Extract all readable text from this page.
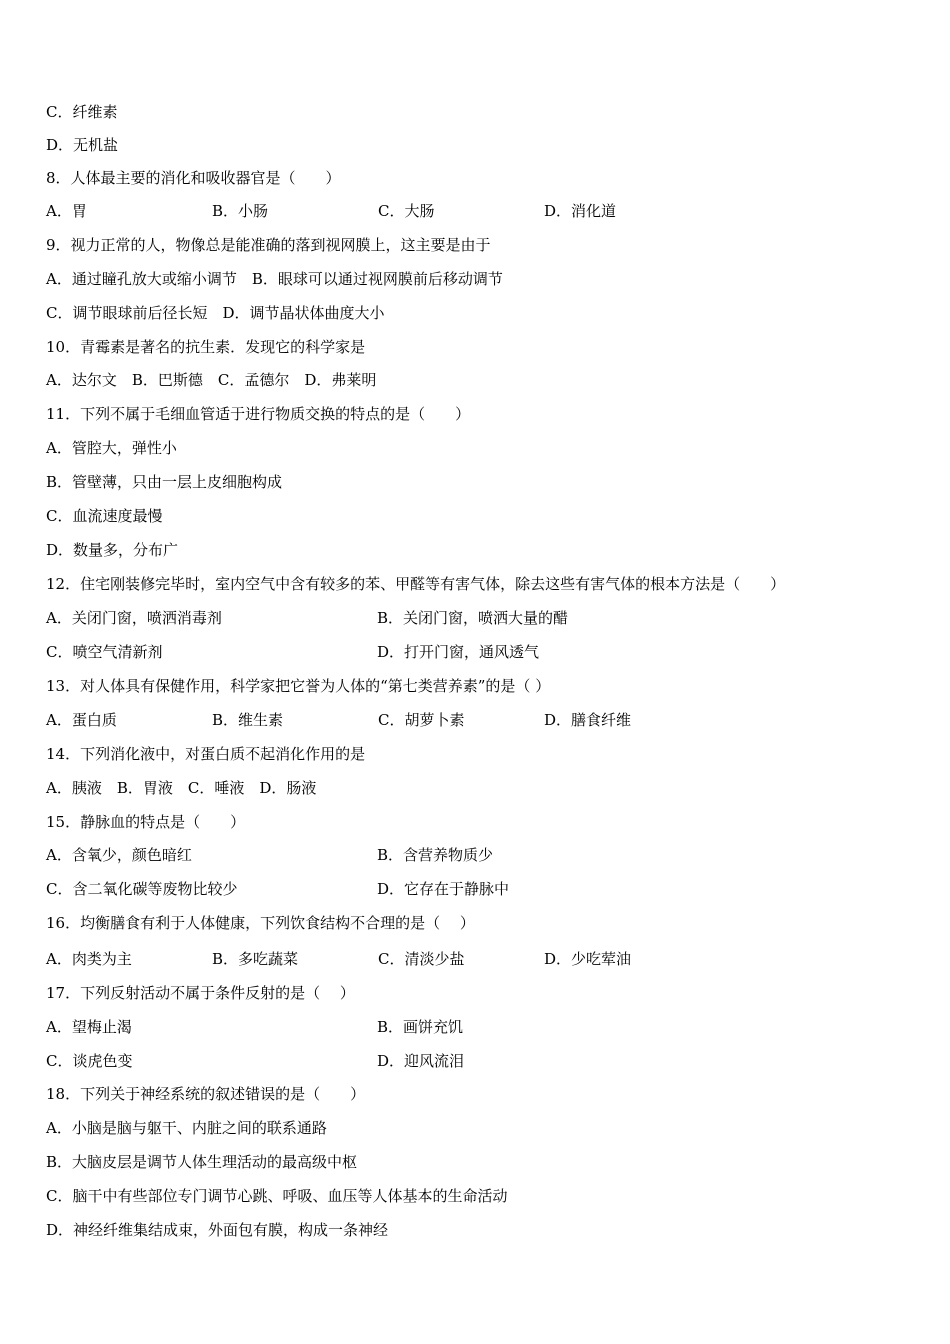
C．纤维素
D．无机盐
8．人体最主要的消化和吸收器官是（　　）
A．胃	B．小肠	C．大肠	D．消化道
9．视力正常的人，物像总是能准确的落到视网膜上，这主要是由于
A．通过瞳孔放大或缩小调节　B．眼球可以通过视网膜前后移动调节
C．调节眼球前后径长短　D．调节晶状体曲度大小
10．青霉素是著名的抗生素．发现它的科学家是
A．达尔文　B．巴斯德　C．孟德尔　D．弗莱明
11．下列不属于毛细血管适于进行物质交换的特点的是（　　）
A．管腔大，弹性小
B．管壁薄，只由一层上皮细胞构成
C．血流速度最慢
D．数量多，分布广
12．住宅刚装修完毕时，室内空气中含有较多的苯、甲醛等有害气体，除去这些有害气体的根本方法是（　　）
A．关闭门窗，喷洒消毒剂	B．关闭门窗，喷洒大量的醋
C．喷空气清新剂	D．打开门窗，通风透气
13．对人体具有保健作用，科学家把它誉为人体的“第七类营养素”的是（ ）
A．蛋白质	B．维生素	C．胡萝卜素	D．膳食纤维
14．下列消化液中，对蛋白质不起消化作用的是
A．胰液　B．胃液　C．唾液　D．肠液
15．静脉血的特点是（　　）
A．含氧少，颜色暗红	B．含营养物质少
C．含二氧化碳等废物比较少	D．它存在于静脉中
16．均衡膳食有利于人体健康，下列饮食结构不合理的是（　 ）
A．肉类为主	B．多吃蔬菜	C．清淡少盐	D．少吃荤油
17．下列反射活动不属于条件反射的是（　 ）
A．望梅止渴	B．画饼充饥
C．谈虎色变	D．迎风流泪
18．下列关于神经系统的叙述错误的是（　　）
A．小脑是脑与躯干、内脏之间的联系通路
B．大脑皮层是调节人体生理活动的最高级中枢
C．脑干中有些部位专门调节心跳、呼吸、血压等人体基本的生命活动
D．神经纤维集结成束，外面包有膜，构成一条神经
